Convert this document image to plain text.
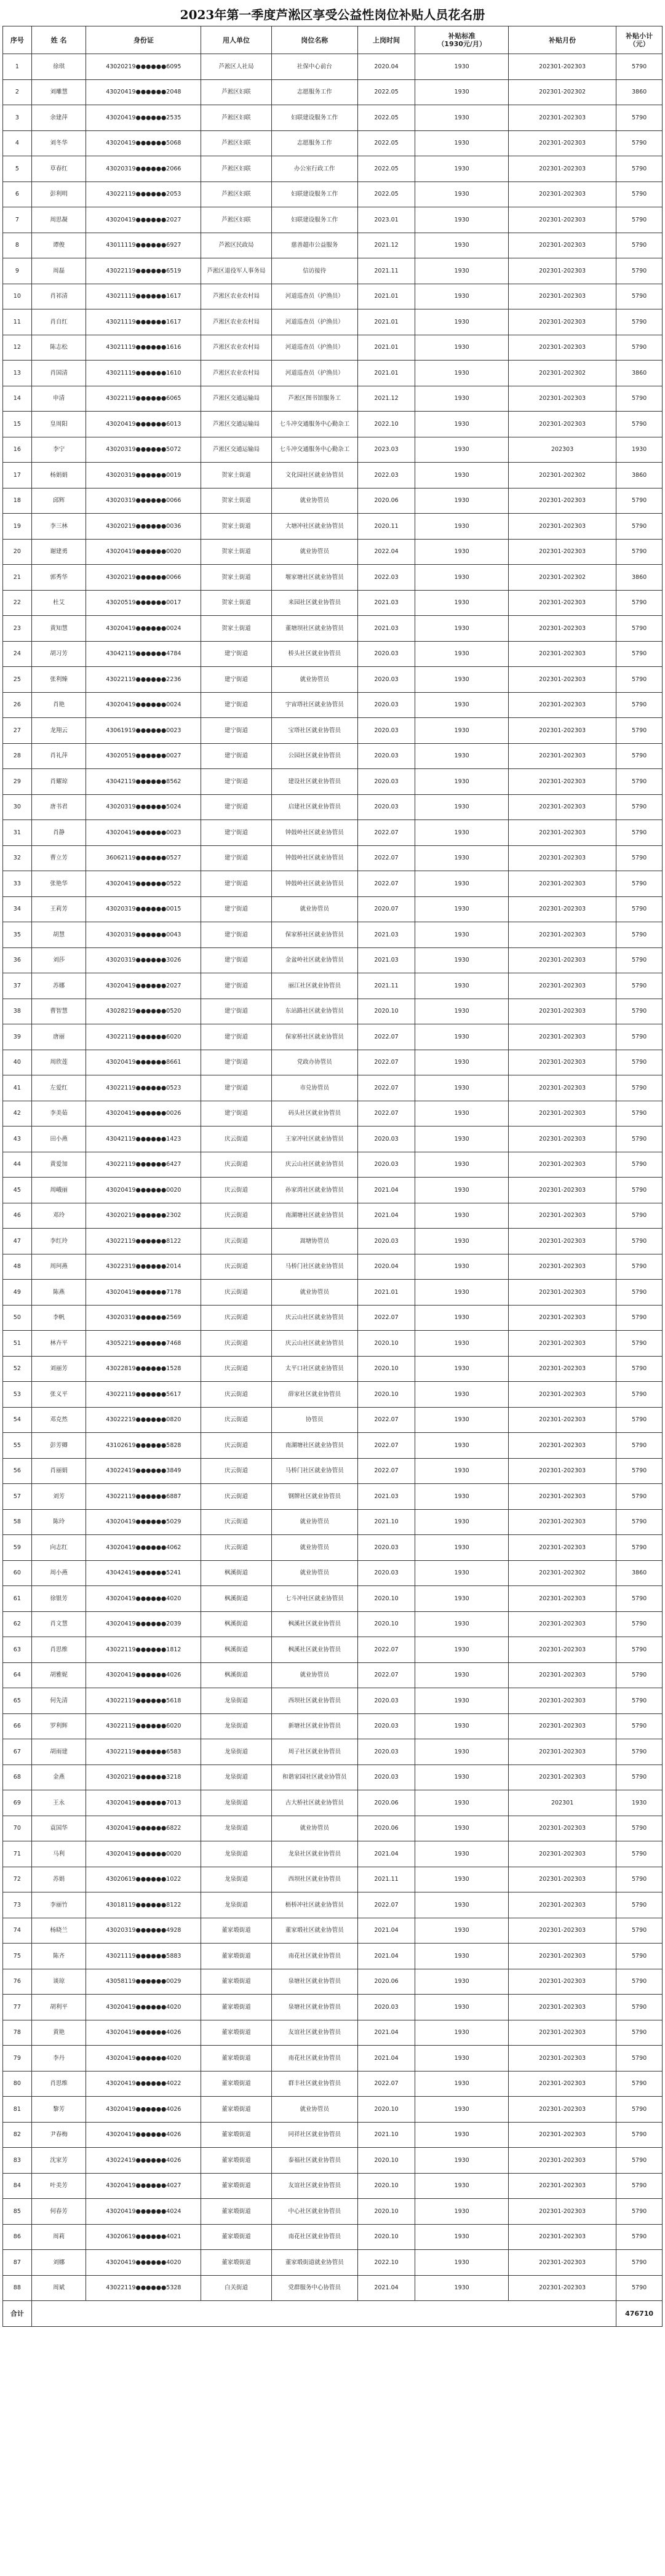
2023年第一季度芦淞区享受公益性岗位补贴人员花名册
序号	姓 名	身份证	用人单位	岗位名称	上岗时间	补贴标准
（1930元/月）	补贴月份	补贴小计
（元）
1	徐琪	43020219●●●●●●6095	芦淞区人社局	社保中心前台	2020.04	1930	202301-202303	5790
2	刘雕慧	43020419●●●●●●2048	芦淞区妇联	志愿服务工作	2022.05	1930	202301-202302	3860
3	余建萍	43020419●●●●●●2535	芦淞区妇联	妇联建设服务工作	2022.05	1930	202301-202303	5790
4	刘冬华	43020419●●●●●●5068	芦淞区妇联	志愿服务工作	2022.05	1930	202301-202303	5790
5	草春红	43020319●●●●●●2066	芦淞区妇联	办公室行政工作	2022.05	1930	202301-202303	5790
6	彭利明	43022119●●●●●●2053	芦淞区妇联	妇联建设服务工作	2022.05	1930	202301-202303	5790
7	周思凝	43020419●●●●●●2027	芦淞区妇联	妇联建设服务工作	2023.01	1930	202301-202303	5790
8	谭俊	43011119●●●●●●6927	芦淞区民政局	慈善超市公益服务	2021.12	1930	202301-202303	5790
9	周磊	43022119●●●●●●6519	芦淞区退役军人事务局	信访接待	2021.11	1930	202301-202303	5790
10	肖祁清	43021119●●●●●●1617	芦淞区农业农村局	河道巡查员（护渔员）	2021.01	1930	202301-202303	5790
11	肖自红	43021119●●●●●●1617	芦淞区农业农村局	河道巡查员（护渔员）	2021.01	1930	202301-202303	5790
12	陈志松	43021119●●●●●●1616	芦淞区农业农村局	河道巡查员（护渔员）	2021.01	1930	202301-202303	5790
13	肖国清	43021119●●●●●●1610	芦淞区农业农村局	河道巡查员（护渔员）	2021.01	1930	202301-202302	3860
14	申清	43022119●●●●●●6065	芦淞区交通运输局	芦淞区图书馆服务工	2021.12	1930	202301-202303	5790
15	皇周阳	43020419●●●●●●6013	芦淞区交通运输局	七斗冲交通服务中心勤杂工	2022.10	1930	202301-202303	5790
16	李宁	43020319●●●●●●5072	芦淞区交通运输局	七斗冲交通服务中心勤杂工	2023.03	1930	202303	1930
17	杨娟娟	43020319●●●●●●0019	贺家土街道	文化园社区就业协管员	2022.03	1930	202301-202302	3860
18	邱辉	43020319●●●●●●0066	贺家土街道	就业协管员	2020.06	1930	202301-202303	5790
19	李三林	43020219●●●●●●0036	贺家土街道	大塘冲社区就业协管员	2020.11	1930	202301-202303	5790
20	谢建勇	43020419●●●●●●0020	贺家土街道	就业协管员	2022.04	1930	202301-202303	5790
21	郭秀华	43020219●●●●●●0066	贺家土街道	堰家塘社区就业协管员	2022.03	1930	202301-202302	3860
22	杜艾	43020519●●●●●●0017	贺家土街道	来园社区就业协管员	2021.03	1930	202301-202303	5790
23	黄知慧	43020419●●●●●●0024	贺家土街道	董塘坝社区就业协管员	2021.03	1930	202301-202303	5790
24	胡习芳	43042119●●●●●●4784	建宁街道	桥头社区就业协管员	2020.03	1930	202301-202303	5790
25	张利臻	43022119●●●●●●2236	建宁街道	就业协管员	2020.03	1930	202301-202303	5790
26	肖艳	43020419●●●●●●0024	建宁街道	宇宙塔社区就业协管员	2020.03	1930	202301-202303	5790
27	龙翔云	43061919●●●●●●0023	建宁街道	宝塔社区就业协管员	2020.03	1930	202301-202303	5790
28	肖礼萍	43020519●●●●●●0027	建宁街道	公园社区就业协管员	2020.03	1930	202301-202303	5790
29	肖耀琼	43042119●●●●●●8562	建宁街道	建设社区就业协管员	2020.03	1930	202301-202303	5790
30	唐书君	43020319●●●●●●5024	建宁街道	启建社区就业协管员	2020.03	1930	202301-202303	5790
31	肖静	43020419●●●●●●0023	建宁街道	钟鼓岭社区就业协管员	2022.07	1930	202301-202303	5790
32	曹立芳	36062119●●●●●●0527	建宁街道	钟鼓岭社区就业协管员	2022.07	1930	202301-202303	5790
33	张艳华	43020419●●●●●●0522	建宁街道	钟鼓岭社区就业协管员	2022.07	1930	202301-202303	5790
34	王莉芳	43020319●●●●●●0015	建宁街道	就业协管员	2020.07	1930	202301-202303	5790
35	胡慧	43020319●●●●●●0043	建宁街道	保家桥社区就业协管员	2021.03	1930	202301-202303	5790
36	刘莎	43020319●●●●●●3026	建宁街道	金盆岭社区就业协管员	2021.03	1930	202301-202303	5790
37	苏娜	43020419●●●●●●2027	建宁街道	丽江社区就业协管员	2021.11	1930	202301-202303	5790
38	曹智慧	43028219●●●●●●0520	建宁街道	东站路社区就业协管员	2020.10	1930	202301-202303	5790
39	唐丽	43022119●●●●●●6020	建宁街道	保家桥社区就业协管员	2022.07	1930	202301-202303	5790
40	周欣莲	43020419●●●●●●8661	建宁街道	党政办协管员	2022.07	1930	202301-202303	5790
41	左爱红	43022119●●●●●●0523	建宁街道	市兑协管员	2022.07	1930	202301-202303	5790
42	李美茹	43020419●●●●●●0026	建宁街道	码头社区就业协管员	2022.07	1930	202301-202303	5790
43	田小燕	43042119●●●●●●1423	庆云街道	王家冲社区就业协管员	2020.03	1930	202301-202303	5790
44	黄爱加	43022119●●●●●●6427	庆云街道	庆云山社区就业协管员	2020.03	1930	202301-202303	5790
45	周峨丽	43020419●●●●●●0020	庆云街道	孙家湾社区就业协管员	2021.04	1930	202301-202303	5790
46	邓玲	43020219●●●●●●2302	庆云街道	南湖塘社区就业协管员	2021.04	1930	202301-202303	5790
47	李红玲	43022119●●●●●●8122	庆云街道	嵩塘协管员	2020.03	1930	202301-202303	5790
48	周珂燕	43022319●●●●●●2014	庆云街道	马桥门社区就业协管员	2020.04	1930	202301-202303	5790
49	陈燕	43020419●●●●●●7178	庆云街道	就业协管员	2021.01	1930	202301-202303	5790
50	李帆	43020319●●●●●●2569	庆云街道	庆云山社区就业协管员	2022.07	1930	202301-202303	5790
51	林卉平	43052219●●●●●●7468	庆云街道	庆云山社区就业协管员	2020.10	1930	202301-202303	5790
52	刘丽芳	43022819●●●●●●1528	庆云街道	太平口社区就业协管员	2020.10	1930	202301-202303	5790
53	张义平	43022119●●●●●●5617	庆云街道	薛家社区就业协管员	2020.10	1930	202301-202303	5790
54	邓克然	43022219●●●●●●0820	庆云街道	协管员	2022.07	1930	202301-202303	5790
55	彭芳卿	43102619●●●●●●5828	庆云街道	南湖塘社区就业协管员	2022.07	1930	202301-202303	5790
56	肖丽娟	43022419●●●●●●3849	庆云街道	马桥门社区就业协管员	2022.07	1930	202301-202303	5790
57	刘芳	43022119●●●●●●6887	庆云街道	钢牌社区就业协管员	2021.03	1930	202301-202303	5790
58	陈玲	43020419●●●●●●5029	庆云街道	就业协管员	2021.10	1930	202301-202303	5790
59	向志红	43020419●●●●●●4062	庆云街道	就业协管员	2020.03	1930	202301-202303	5790
60	周小燕	43042419●●●●●●5241	枫溪街道	就业协管员	2020.03	1930	202301-202302	3860
61	徐银芳	43020419●●●●●●4020	枫溪街道	七斗冲社区就业协管员	2020.10	1930	202301-202303	5790
62	肖文慧	43020419●●●●●●2039	枫溪街道	枫溪社区就业协管员	2020.10	1930	202301-202303	5790
63	肖思维	43022119●●●●●●1812	枫溪街道	枫溪社区就业协管员	2022.07	1930	202301-202303	5790
64	胡雅妮	43020419●●●●●●4026	枫溪街道	就业协管员	2022.07	1930	202301-202303	5790
65	何先清	43022119●●●●●●5618	龙泉街道	西坝社区就业协管员	2020.03	1930	202301-202303	5790
66	罗利辉	43022119●●●●●●6020	龙泉街道	新塘社区就业协管员	2020.03	1930	202301-202303	5790
67	胡雨建	43022119●●●●●●6583	龙泉街道	周子社区就业协管员	2020.03	1930	202301-202303	5790
68	金燕	43020219●●●●●●3218	龙泉街道	和谐家园社区就业协管员	2020.03	1930	202301-202303	5790
69	王永	43020419●●●●●●7013	龙泉街道	古大桥社区就业协管员	2020.06	1930	202301	1930
70	袁国华	43020419●●●●●●6822	龙泉街道	就业协管员	2020.06	1930	202301-202303	5790
71	马利	43020419●●●●●●0020	龙泉街道	龙泉社区就业协管员	2021.04	1930	202301-202303	5790
72	苏娟	43020619●●●●●●1022	龙泉街道	西坝社区就业协管员	2021.11	1930	202301-202303	5790
73	李丽竹	43018119●●●●●●8122	龙泉街道	枥桥冲社区就业协管员	2022.07	1930	202301-202303	5790
74	杨晓兰	43020319●●●●●●4928	董家塅街道	董家塅社区就业协管员	2021.04	1930	202301-202303	5790
75	陈齐	43021119●●●●●●5883	董家塅街道	南花社区就业协管员	2021.04	1930	202301-202303	5790
76	谈琼	43058119●●●●●●0029	董家塅街道	泉塘社区就业协管员	2020.06	1930	202301-202303	5790
77	胡利平	43020419●●●●●●4020	董家塅街道	泉塘社区就业协管员	2020.03	1930	202301-202303	5790
78	黄艳	43020419●●●●●●4026	董家塅街道	友谊社区就业协管员	2021.04	1930	202301-202303	5790
79	李丹	43020419●●●●●●4020	董家塅街道	南花社区就业协管员	2021.04	1930	202301-202303	5790
80	肖思维	43020419●●●●●●4022	董家塅街道	群丰社区就业协管员	2022.07	1930	202301-202303	5790
81	黎芳	43020419●●●●●●4026	董家塅街道	就业协管员	2020.10	1930	202301-202303	5790
82	尹春梅	43020419●●●●●●4026	董家塅街道	同祥社区就业协管员	2021.10	1930	202301-202303	5790
83	沈家芳	43022419●●●●●●4026	董家塅街道	泰福社区就业协管员	2020.10	1930	202301-202303	5790
84	叶美芳	43020419●●●●●●4027	董家塅街道	友谊社区就业协管员	2020.10	1930	202301-202303	5790
85	何春芳	43020419●●●●●●4024	董家塅街道	中心社区就业协管员	2020.10	1930	202301-202303	5790
86	周莉	43020619●●●●●●4021	董家塅街道	南花社区就业协管员	2020.10	1930	202301-202303	5790
87	刘娜	43020419●●●●●●4020	董家塅街道	董家塅街道就业协管员	2022.10	1930	202301-202303	5790
88	周斌	43022119●●●●●●5328	白关街道	党群服务中心协管员	2021.04	1930	202301-202303	5790
合计								476710
